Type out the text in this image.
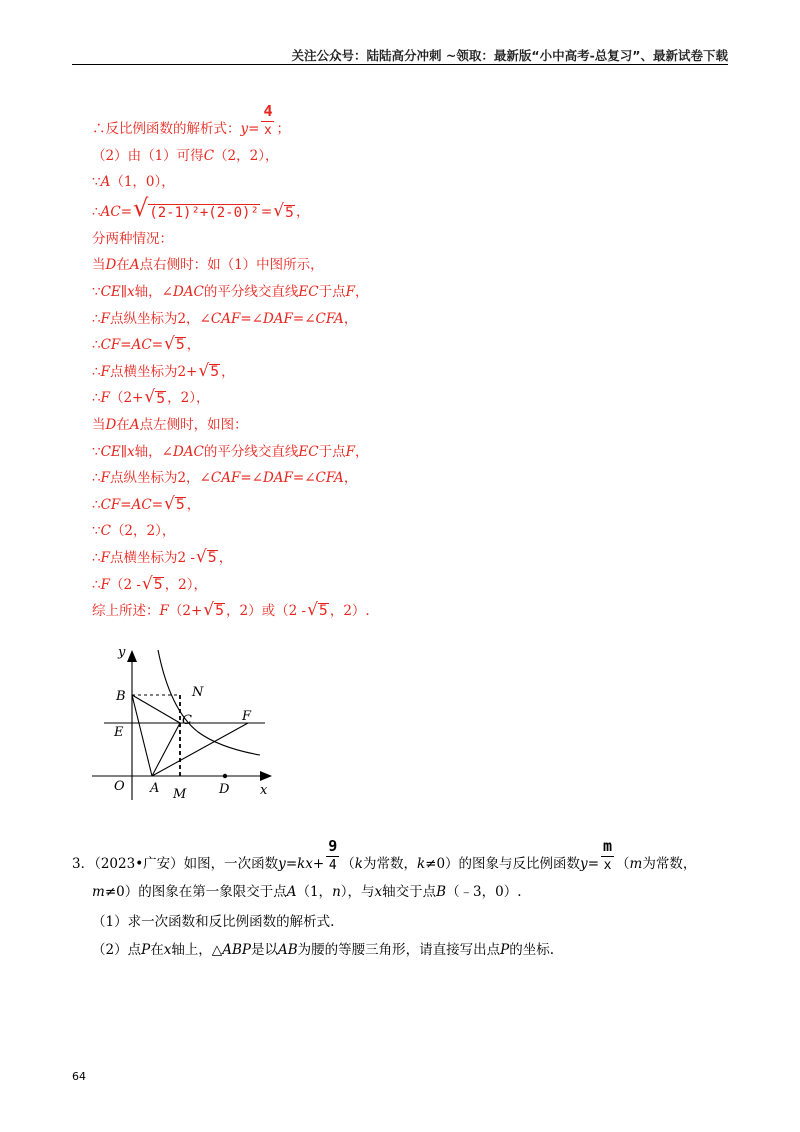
关注公众号：陆陆高分冲刺 ~领取：最新版“小中高考-总复习”、最新试卷下载
∴反比例函数的解析式： $y = \frac{4}{x}$ ；
（2）由（1）可得 C （2，2），
∵ A （1，0），
∴ AC = √ (2-1)²+(2-0)² = √ 5 ，
分两种情况：
当 D 在 A 点右侧时：如（1）中图所示，
∵ CE ∥ x 轴，∠ DAC 的平分线交直线 EC 于点 F ，
∴ F 点纵坐标为2，∠ CAF =∠ DAF =∠ CFA ，
∴ CF = AC = √ 5 ，
∴ F 点横坐标为2+ √ 5 ，
∴ F （2+ √ 5 ，2），
当 D 在 A 点左侧时，如图：
∵ CE ∥ x 轴，∠ DAC 的平分线交直线 EC 于点 F ，
∴ F 点纵坐标为2，∠ CAF =∠ DAF =∠ CFA ，
∴ CF = AC = √ 5 ，
∵ C （2，2），
∴ F 点横坐标为2 - √ 5 ，
∴ F （2 - √ 5 ，2），
综上所述： F （2+ √ 5 ，2）或（2 - √ 5 ，2）.
y
x
O A M	D
B
E
C
N
F
3．（2023•广安）如图，一次函数 y = kx + $\frac{9}{4}$ （ k 为常数， k ≠0）的图象与反比例函数 $y = \frac{m}{x}$ （ m 为常数，
m ≠0）的图象在第一象限交于点 A （1， n ），与 x 轴交于点 B （﹣3，0）.
（1）求一次函数和反比例函数的解析式.
（2）点 P 在 x 轴上，△ ABP 是以 AB 为腰的等腰三角形，请直接写出点 P 的坐标.
64
